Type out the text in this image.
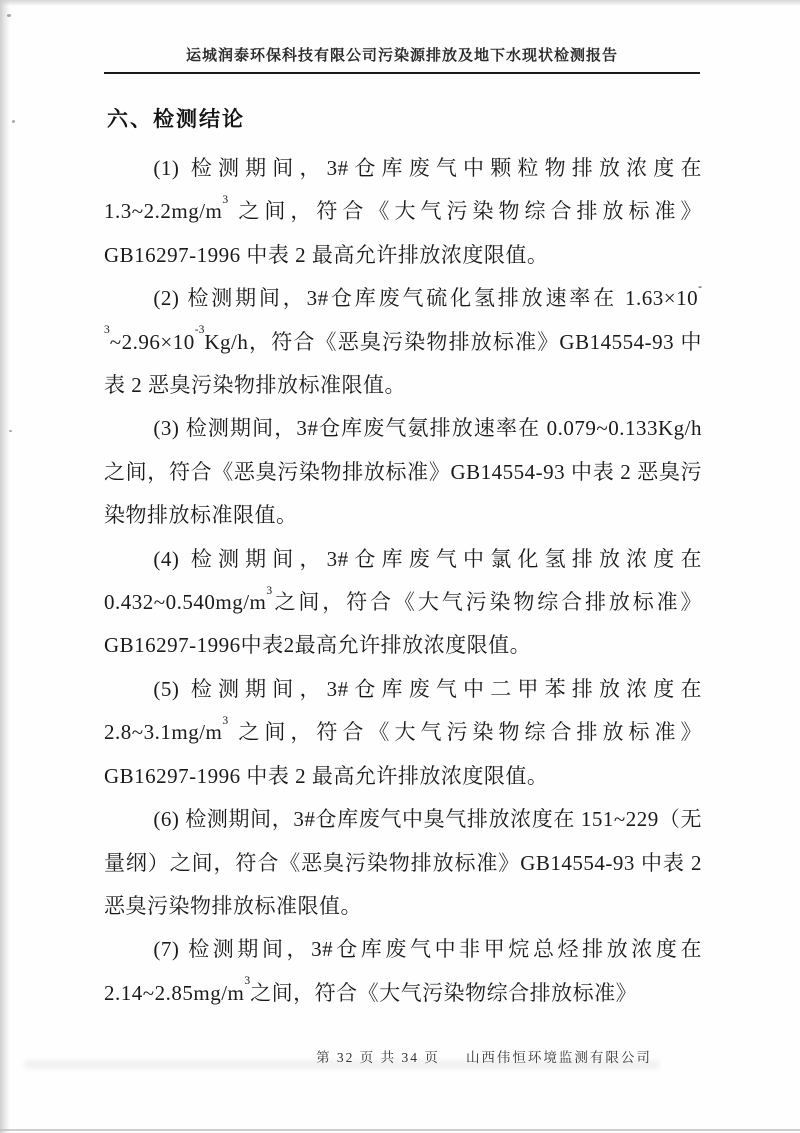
运城润泰环保科技有限公司污染源排放及地下水现状检测报告
六、检测结论

(1) 检测期间，3#仓库废气中颗粒物排放浓度在 $1.3\sim 2.2mg/m^3$ 之间，符合《大气污染物综合排放标准》GB16297-1996 中表 2 最高允许排放浓度限值。

(2) 检测期间，3#仓库废气硫化氢排放速率在 $1.63\times 10^{-3}\sim 2.96\times 10^{-3}Kg/h$，符合《恶臭污染物排放标准》GB14554-93 中表 2 恶臭污染物排放标准限值。

(3) 检测期间，3#仓库废气氨排放速率在 0.079~0.133Kg/h 之间，符合《恶臭污染物排放标准》GB14554-93 中表 2 恶臭污染物排放标准限值。

(4) 检测期间，3#仓库废气中氯化氢排放浓度在$0.432\sim 0.540mg/m^3$之间，符合《大气污染物综合排放标准》GB16297-1996中表2最高允许排放浓度限值。

(5) 检测期间，3#仓库废气中二甲苯排放浓度在 $2.8\sim 3.1mg/m^3$ 之间，符合《大气污染物综合排放标准》GB16297-1996 中表 2 最高允许排放浓度限值。

(6) 检测期间，3#仓库废气中臭气排放浓度在 151~229（无量纲）之间，符合《恶臭污染物排放标准》GB14554-93 中表 2 恶臭污染物排放标准限值。

(7) 检测期间，3#仓库废气中非甲烷总烃排放浓度在 $2.14\sim 2.85mg/m^3$之间，符合《大气污染物综合排放标准》

第 32 页 共 34 页 山西伟恒环境监测有限公司
